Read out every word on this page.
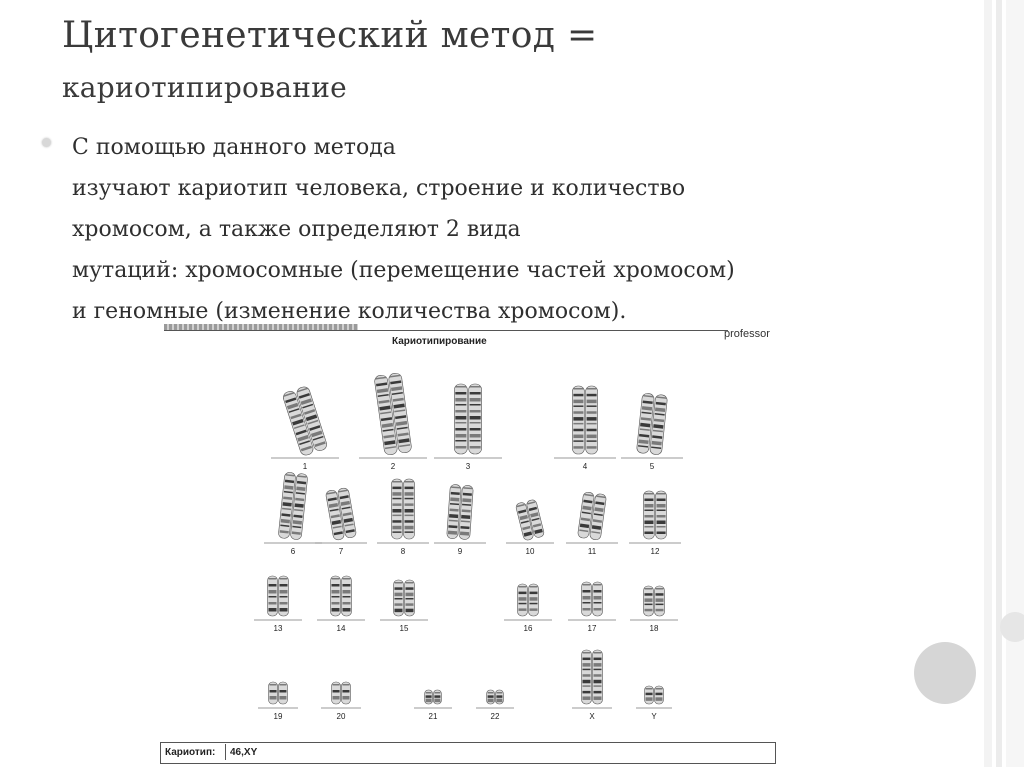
Цитогенетический метод =
кариотипирование
С помощью данного метода
изучают кариотип человека, строение и количество
хромосом, а также определяют 2 вида
мутаций: хромосомные (перемещение частей хромосом)
и геномные (изменение количества хромосом).
Кариотипирование
professor
1	2	3	4	5
6	7	8	9	10	11	12
13	14	15	16	17	18
19	20	21	22	X	Y
Кариотип: 46,XY
